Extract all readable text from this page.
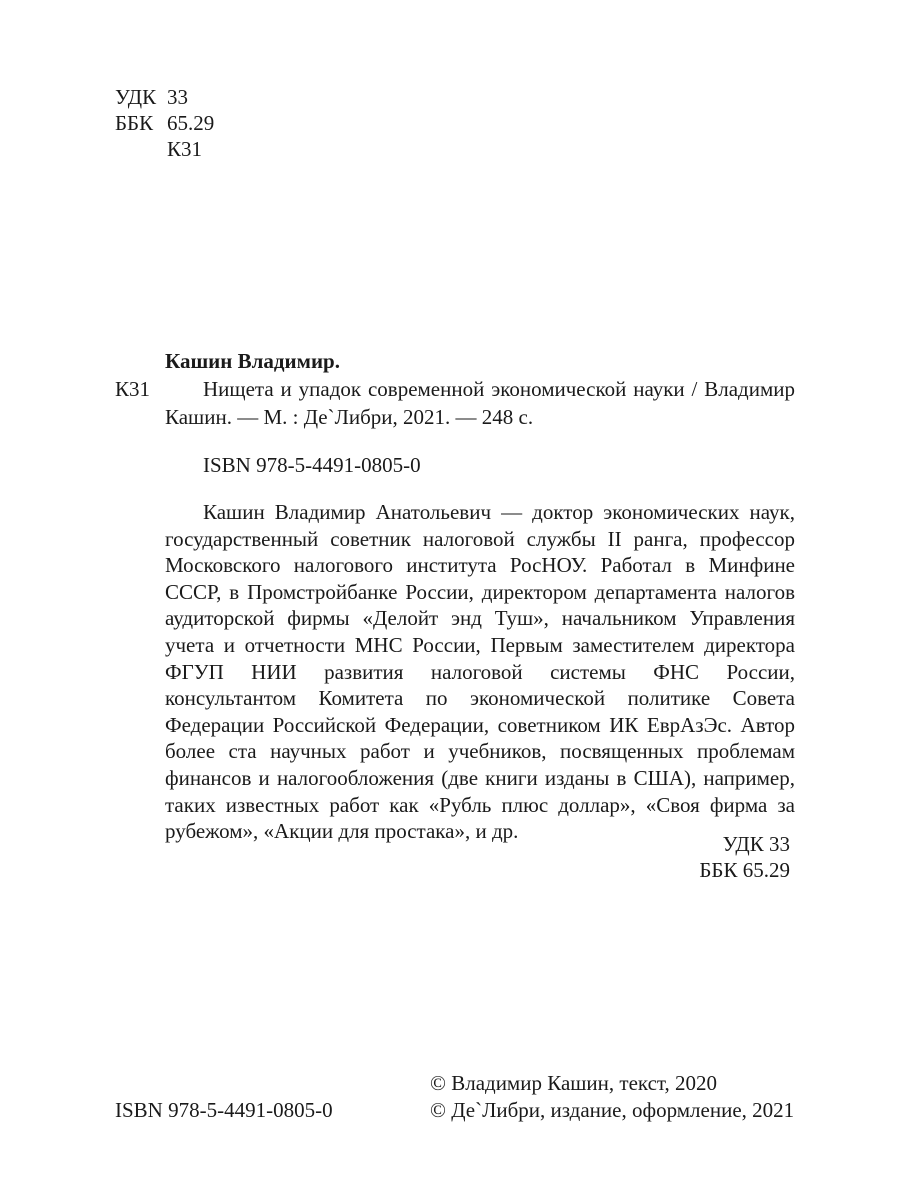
УДК 33
ББК 65.29
К31
Кашин Владимир.
К31	Нищета и упадок современной экономической науки / Владимир Кашин. — М. : Де`Либри, 2021. — 248 с.
ISBN 978-5-4491-0805-0
Кашин Владимир Анатольевич — доктор экономических наук, государственный советник налоговой службы II ранга, профессор Московского налогового института РосНОУ. Работал в Минфине СССР, в Промстройбанке России, директором департамента налогов аудиторской фирмы «Делойт энд Туш», начальником Управления учета и отчетности МНС России, Первым заместителем директора ФГУП НИИ развития налоговой системы ФНС России, консультантом Комитета по экономической политике Совета Федерации Российской Федерации, советником ИК ЕврАзЭс. Автор более ста научных работ и учебников, посвященных проблемам финансов и налогообложения (две книги изданы в США), например, таких известных работ как «Рубль плюс доллар», «Своя фирма за рубежом», «Акции для простака», и др.
УДК 33
ББК 65.29
ISBN 978-5-4491-0805-0
© Владимир Кашин, текст, 2020
© Де`Либри, издание, оформление, 2021
